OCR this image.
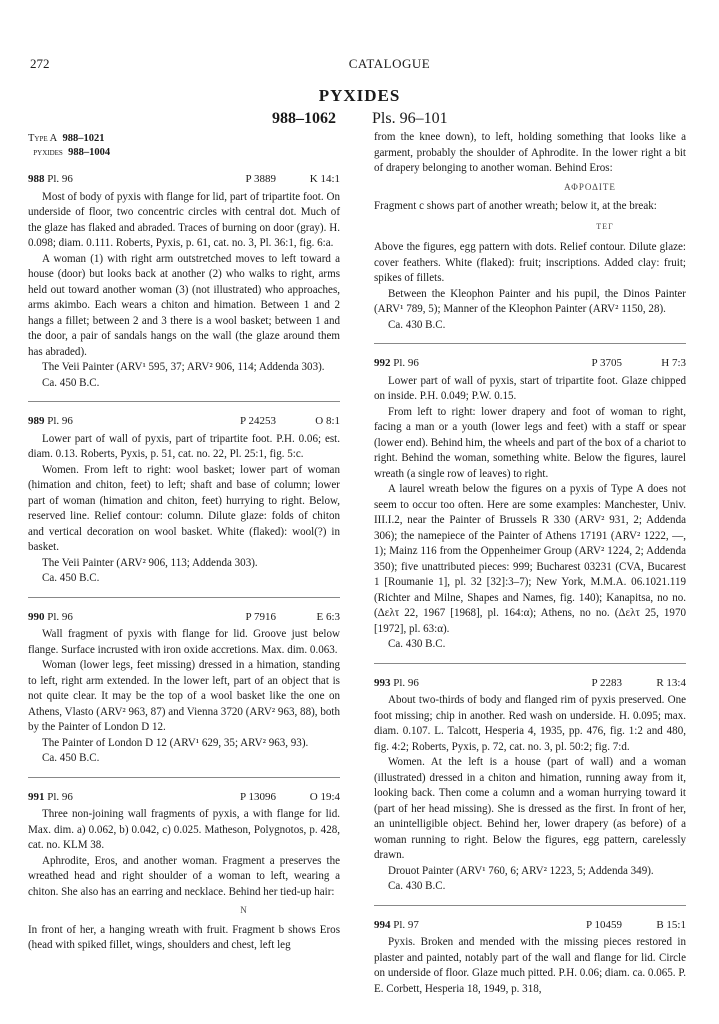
272	CATALOGUE
PYXIDES
988–1062 Pls. 96–101

Type A 988–1021

pyxides 988–1004

988 Pl. 96	P 3889	K 14:1

Most of body of pyxis with flange for lid, part of tripartite foot. On underside of floor, two concentric circles with central dot. Much of the glaze has flaked and abraded. Traces of burning on door (gray). H. 0.098; diam. 0.111. Roberts, Pyxis, p. 61, cat. no. 3, Pl. 36:1, fig. 6:a.

A woman (1) with right arm outstretched moves to left toward a house (door) but looks back at another (2) who walks to right, arms held out toward another woman (3) (not illustrated) who approaches, arms akimbo. Each wears a chiton and himation. Between 1 and 2 hangs a fillet; between 2 and 3 there is a wool basket; between 1 and the door, a pair of sandals hangs on the wall (the glaze around them has abraded).

The Veii Painter (ARV¹ 595, 37; ARV² 906, 114; Addenda 303).

Ca. 450 B.C.

989 Pl. 96	P 24253	O 8:1

Lower part of wall of pyxis, part of tripartite foot. P.H. 0.06; est. diam. 0.13. Roberts, Pyxis, p. 51, cat. no. 22, Pl. 25:1, fig. 5:c.

Women. From left to right: wool basket; lower part of woman (himation and chiton, feet) to left; shaft and base of column; lower part of woman (himation and chiton, feet) hurrying to right. Below, reserved line. Relief contour: column. Dilute glaze: folds of chiton and vertical decoration on wool basket. White (flaked): wool(?) in basket.

The Veii Painter (ARV² 906, 113; Addenda 303).

Ca. 450 B.C.

990 Pl. 96	P 7916	E 6:3

Wall fragment of pyxis with flange for lid. Groove just below flange. Surface incrusted with iron oxide accretions. Max. dim. 0.063.

Woman (lower legs, feet missing) dressed in a himation, standing to left, right arm extended. In the lower left, part of an object that is not quite clear. It may be the top of a wool basket like the one on Athens, Vlasto (ARV² 963, 87) and Vienna 3720 (ARV² 963, 88), both by the Painter of London D 12.

The Painter of London D 12 (ARV¹ 629, 35; ARV² 963, 93).

Ca. 450 B.C.

991 Pl. 96	P 13096	O 19:4

Three non-joining wall fragments of pyxis, a with flange for lid. Max. dim. a) 0.062, b) 0.042, c) 0.025. Matheson, Polygnotos, p. 428, cat. no. KLM 38.

Aphrodite, Eros, and another woman. Fragment a preserves the wreathed head and right shoulder of a woman to left, wearing a chiton. She also has an earring and necklace. Behind her tied-up hair:

N

In front of her, a hanging wreath with fruit. Fragment b shows Eros (head with spiked fillet, wings, shoulders and chest, left leg

from the knee down), to left, holding something that looks like a garment, probably the shoulder of Aphrodite. In the lower right a bit of drapery belonging to another woman. Behind Eros:

ΑΦΡΟΔΙΤΕ

Fragment c shows part of another wreath; below it, at the break:

ΤΕΓ

Above the figures, egg pattern with dots. Relief contour. Dilute glaze: cover feathers. White (flaked): fruit; inscriptions. Added clay: fruit; spikes of fillets.

Between the Kleophon Painter and his pupil, the Dinos Painter (ARV¹ 789, 5); Manner of the Kleophon Painter (ARV² 1150, 28).

Ca. 430 B.C.

992 Pl. 96	P 3705	H 7:3

Lower part of wall of pyxis, start of tripartite foot. Glaze chipped on inside. P.H. 0.049; P.W. 0.15.

From left to right: lower drapery and foot of woman to right, facing a man or a youth (lower legs and feet) with a staff or spear (lower end). Behind him, the wheels and part of the box of a chariot to right. Behind the woman, something white. Below the figures, laurel wreath (a single row of leaves) to right.

A laurel wreath below the figures on a pyxis of Type A does not seem to occur too often. Here are some examples: Manchester, Univ. III.I.2, near the Painter of Brussels R 330 (ARV² 931, 2; Addenda 306); the namepiece of the Painter of Athens 17191 (ARV² 1222, —, 1); Mainz 116 from the Oppenheimer Group (ARV² 1224, 2; Addenda 350); five unattributed pieces: 999; Bucharest 03231 (CVA, Bucarest 1 [Roumanie 1], pl. 32 [32]:3–7); New York, M.M.A. 06.1021.119 (Richter and Milne, Shapes and Names, fig. 140); Kanapitsa, no no. (Δελτ 22, 1967 [1968], pl. 164:α); Athens, no no. (Δελτ 25, 1970 [1972], pl. 63:α).

Ca. 430 B.C.

993 Pl. 96	P 2283	R 13:4

About two-thirds of body and flanged rim of pyxis preserved. One foot missing; chip in another. Red wash on underside. H. 0.095; max. diam. 0.107. L. Talcott, Hesperia 4, 1935, pp. 476, fig. 1:2 and 480, fig. 4:2; Roberts, Pyxis, p. 72, cat. no. 3, pl. 50:2; fig. 7:d.

Women. At the left is a house (part of wall) and a woman (illustrated) dressed in a chiton and himation, running away from it, looking back. Then come a column and a woman hurrying toward it (part of her head missing). She is dressed as the first. In front of her, an unintelligible object. Behind her, lower drapery (as before) of a woman running to right. Below the figures, egg pattern, carelessly drawn.

Drouot Painter (ARV¹ 760, 6; ARV² 1223, 5; Addenda 349).

Ca. 430 B.C.

994 Pl. 97	P 10459	B 15:1

Pyxis. Broken and mended with the missing pieces restored in plaster and painted, notably part of the wall and flange for lid. Circle on underside of floor. Glaze much pitted. P.H. 0.06; diam. ca. 0.065. P. E. Corbett, Hesperia 18, 1949, p. 318,
